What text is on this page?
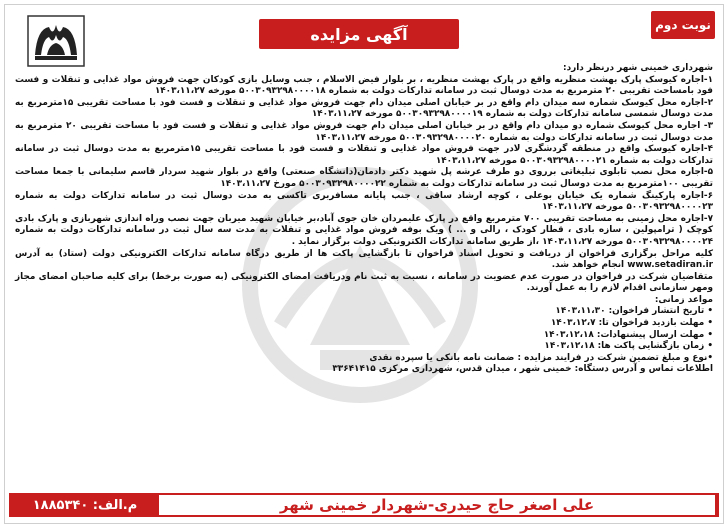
نوبت دوم
آگهی مزایده

شهرداری خمینی شهر درنظر دارد:

۱-اجاره کیوسک پارک بهشت منظریه واقع در پارک بهشت منظریه ، بر بلوار فیض الاسلام ، جنب وسایل بازی کودکان جهت فروش مواد غذایی و تنقلات و فست فود بامساحت تقریبی ۲۰ مترمربع به مدت دوسال ثبت در سامانه تدارکات دولت به شماره ۵۰۰۳۰۹۳۲۹۸۰۰۰۰۱۸ مورخه ۱۴۰۳،۱۱،۲۷

۲-اجاره محل کیوسک شماره سه میدان دام واقع در بر خیابان اصلی میدان دام جهت فروش مواد غذایی و تنقلات و فست فود با مساحت تقریبی ۱۵مترمربع به مدت دوسال شمسی سامانه تدارکات دولت به شماره ۵۰۰۳۰۹۳۲۹۸۰۰۰۰۱۹ مورخه ۱۴۰۳،۱۱،۲۷

۳- اجاره محل کیوسک شماره دو میدان دام واقع در بر خیابان اصلی میدان دام جهت فروش مواد غذایی و تنقلات و فست فود با مساحت تقریبی ۲۰ مترمربع به مدت دوسال ثبت در سامانه تدارکات دولت به شماره ۵۰۰۳۰۹۳۲۹۸۰۰۰۰۲۰ مورخه ۱۴۰۳،۱۱،۲۷

۴-اجاره کیوسک واقع در منطقه گردشگری لادر جهت فروش مواد غذایی و تنقلات و فست فود با مساحت تقریبی ۱۵مترمربع به مدت دوسال ثبت در سامانه تدارکات دولت به شماره ۵۰۰۳۰۹۳۲۹۸۰۰۰۰۲۱ مورخه ۱۴۰۳،۱۱،۲۷

۵-اجاره محل نصب تابلوی تبلیغاتی برروی دو طرف عرشه پل شهید دکتر دادمان(دانشگاه صنعتی) واقع در بلوار شهید سردار قاسم سلیمانی با جمعا مساحت تقریبی ۱۰۰مترمربع به مدت دوسال ثبت در سامانه تدارکات دولت به شماره ۵۰۰۳۰۹۳۲۹۸۰۰۰۰۲۲ مورخ ۱۴۰۳،۱۱،۲۷

۶-اجاره پارکینگ شماره یک خیابان بوعلی ، کوچه ارشاد ساقی ، جنب پایانه مسافربری تاکسی به مدت دوسال ثبت در سامانه تدارکات دولت به شماره ۵۰۰۳۰۹۳۲۹۸۰۰۰۰۲۳ مورخه ۱۴۰۳،۱۱،۲۷

۷-اجاره محل زمینی به مساحت تقریبی ۷۰۰ مترمربع واقع در پارک علیمردان خان جوی آباد،بر خیابان شهید میربان جهت نصب وراه اندازی شهربازی و پارک بادی کوچک ( ترامپولین ، سازه بادی ، قطار کودک ، رالی و ... ) ویک بوفه فروش مواد غذایی و تنقلات به مدت سه سال ثبت در سامانه تدارکات دولت به شماره ۵۰۰۳۰۹۳۲۹۸۰۰۰۰۲۴ مورخه ۱۴۰۳،۱۱،۲۷ ،از طریق سامانه تدارکات الکترونیکی دولت برگزار نماید .

کلیه مراحل برگزاری فراخوان از دریافت و تحویل اسناد فراخوان تا بازگشایی پاکت ها از طریق درگاه سامانه تدارکات الکترونیکی دولت (ستاد) به آدرس www.setadiran.ir انجام خواهد شد.

متقاضیان شرکت در فراخوان در صورت عدم عضویت در سامانه ، نسبت به ثبت نام ودریافت امضای الکترونیکی (به صورت برخط) برای کلیه صاحبان امضای مجاز ومهر سازمانی اقدام لازم را به عمل آورند.

مواعد زمانی:

• تاریخ انتشار فراخوان: ۱۴۰۳،۱۱،۳۰
• مهلت بازدید فراخوان تا: ۱۴۰۳،۱۲،۷
• مهلت ارسال پیشنهادات: ۱۴۰۳،۱۲،۱۸
• زمان بازگشایی پاکت ها: ۱۴۰۳،۱۲،۱۸

•نوع و مبلغ تضمین شرکت در فرایند مزایده : ضمانت نامه بانکی یا سپرده نقدی

اطلاعات تماس و آدرس دستگاه: خمینی شهر ، میدان قدس، شهرداری مرکزی ۳۳۶۴۱۴۱۵

م.الف: ۱۸۸۵۳۴۰	علی اصغر حاج حیدری-شهردار خمینی شهر
